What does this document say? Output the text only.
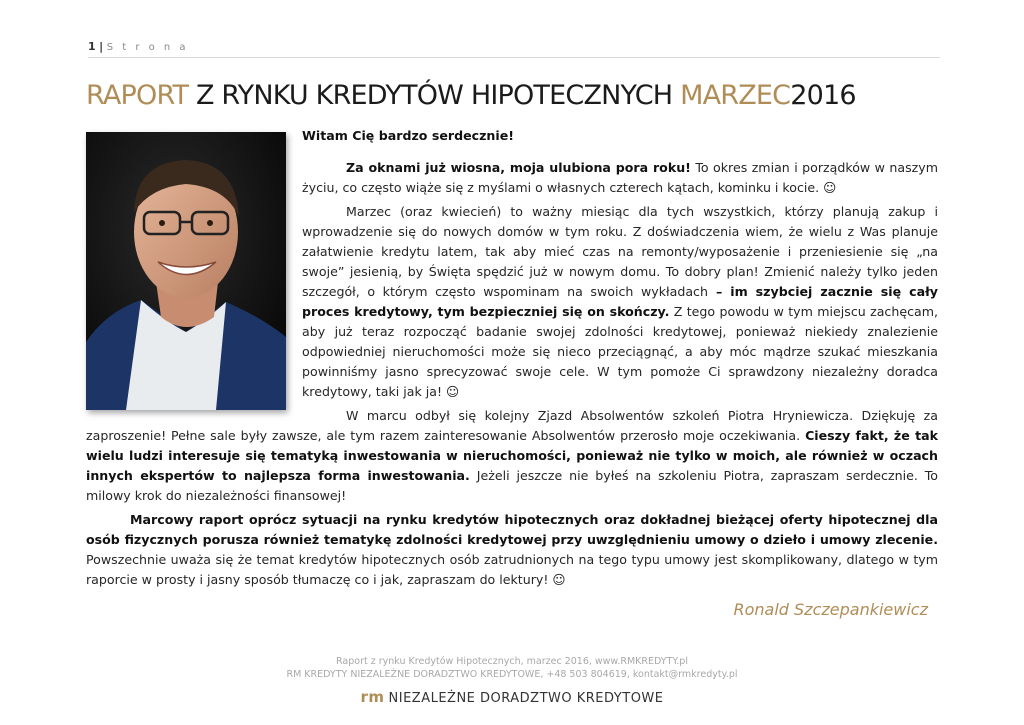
1 | S t r o n a
RAPORT Z RYNKU KREDYTÓW HIPOTECZNYCH MARZEC2016

Witam Cię bardzo serdecznie!

Za oknami już wiosna, moja ulubiona pora roku! To okres zmian i porządków w naszym życiu, co często wiąże się z myślami o własnych czterech kątach, kominku i kocie. ☺

Marzec (oraz kwiecień) to ważny miesiąc dla tych wszystkich, którzy planują zakup i wprowadzenie się do nowych domów w tym roku. Z doświadczenia wiem, że wielu z Was planuje załatwienie kredytu latem, tak aby mieć czas na remonty/wyposażenie i przeniesienie się „na swoje” jesienią, by Święta spędzić już w nowym domu. To dobry plan! Zmienić należy tylko jeden szczegół, o którym często wspominam na swoich wykładach – im szybciej zacznie się cały proces kredytowy, tym bezpieczniej się on skończy. Z tego powodu w tym miejscu zachęcam, aby już teraz rozpocząć badanie swojej zdolności kredytowej, ponieważ niekiedy znalezienie odpowiedniej nieruchomości może się nieco przeciągnąć, a aby móc mądrze szukać mieszkania powinniśmy jasno sprecyzować swoje cele. W tym pomoże Ci sprawdzony niezależny doradca kredytowy, taki jak ja! ☺

W marcu odbył się kolejny Zjazd Absolwentów szkoleń Piotra Hryniewicza. Dziękuję za zaproszenie! Pełne sale były zawsze, ale tym razem zainteresowanie Absolwentów przerosło moje oczekiwania. Cieszy fakt, że tak wielu ludzi interesuje się tematyką inwestowania w nieruchomości, ponieważ nie tylko w moich, ale również w oczach innych ekspertów to najlepsza forma inwestowania. Jeżeli jeszcze nie byłeś na szkoleniu Piotra, zapraszam serdecznie. To milowy krok do niezależności finansowej!

Marcowy raport oprócz sytuacji na rynku kredytów hipotecznych oraz dokładnej bieżącej oferty hipotecznej dla osób fizycznych porusza również tematykę zdolności kredytowej przy uwzględnieniu umowy o dzieło i umowy zlecenie. Powszechnie uważa się że temat kredytów hipotecznych osób zatrudnionych na tego typu umowy jest skomplikowany, dlatego w tym raporcie w prosty i jasny sposób tłumaczę co i jak, zapraszam do lektury! ☺

Ronald Szczepankiewicz
Raport z rynku Kredytów Hipotecznych, marzec 2016, www.RMKREDYTY.pl
RM KREDYTY NIEZALEŻNE DORADZTWO KREDYTOWE, +48 503 804619, kontakt@rmkredyty.pl
rm NIEZALEŻNE DORADZTWO KREDYTOWE
